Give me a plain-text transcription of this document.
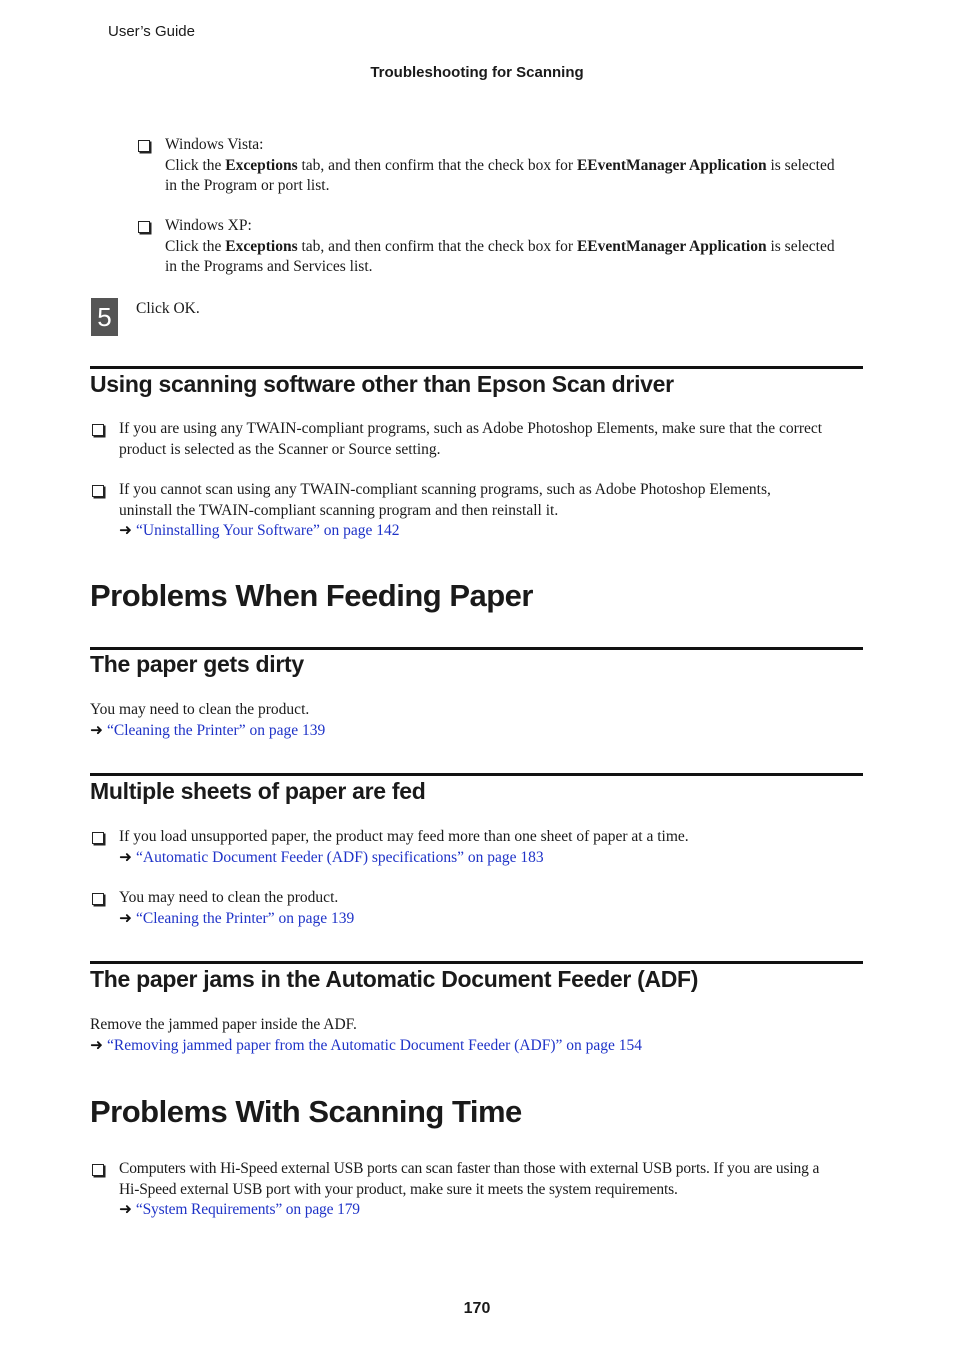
User’s Guide
Troubleshooting for Scanning
Windows Vista:
Click the Exceptions tab, and then confirm that the check box for EEventManager Application is selected
in the Program or port list.
Windows XP:
Click the Exceptions tab, and then confirm that the check box for EEventManager Application is selected
in the Programs and Services list.
5	Click OK.
Using scanning software other than Epson Scan driver
If you are using any TWAIN-compliant programs, such as Adobe Photoshop Elements, make sure that the correct
product is selected as the Scanner or Source setting.
If you cannot scan using any TWAIN-compliant scanning programs, such as Adobe Photoshop Elements,
uninstall the TWAIN-compliant scanning program and then reinstall it.
➜ “Uninstalling Your Software” on page 142
Problems When Feeding Paper
The paper gets dirty
You may need to clean the product.
➜ “Cleaning the Printer” on page 139
Multiple sheets of paper are fed
If you load unsupported paper, the product may feed more than one sheet of paper at a time.
➜ “Automatic Document Feeder (ADF) specifications” on page 183
You may need to clean the product.
➜ “Cleaning the Printer” on page 139
The paper jams in the Automatic Document Feeder (ADF)
Remove the jammed paper inside the ADF.
➜ “Removing jammed paper from the Automatic Document Feeder (ADF)” on page 154
Problems With Scanning Time
Computers with Hi-Speed external USB ports can scan faster than those with external USB ports. If you are using a
Hi-Speed external USB port with your product, make sure it meets the system requirements.
➜ “System Requirements” on page 179
170
